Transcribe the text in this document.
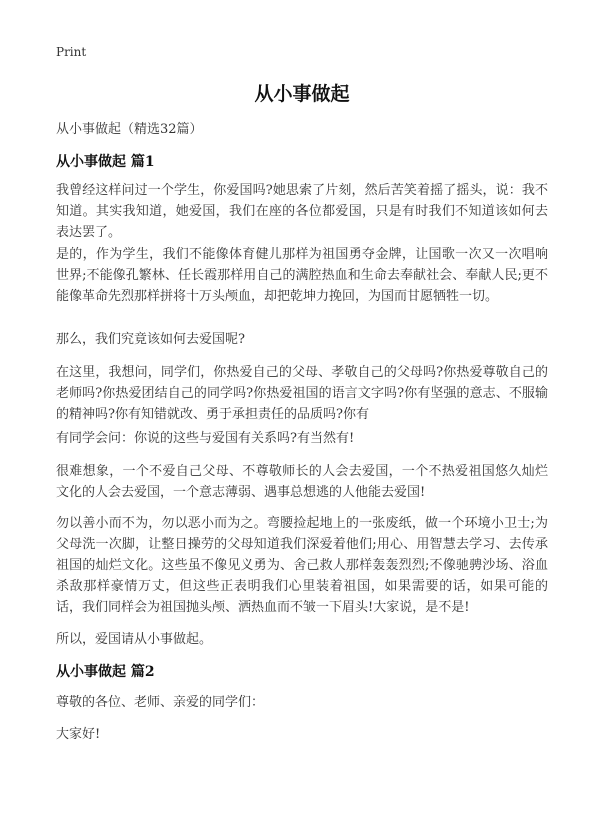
Print
从小事做起
从小事做起（精选32篇）
从小事做起 篇1

我曾经这样问过一个学生，你爱国吗?她思索了片刻，然后苦笑着摇了摇头，说：我不知道。其实我知道，她爱国，我们在座的各位都爱国，只是有时我们不知道该如何去表达罢了。

是的，作为学生，我们不能像体育健儿那样为祖国勇夺金牌，让国歌一次又一次唱响世界;不能像孔繁林、任长霞那样用自己的满腔热血和生命去奉献社会、奉献人民;更不能像革命先烈那样拼将十万头颅血，却把乾坤力挽回，为国而甘愿牺牲一切。

那么，我们究竟该如何去爱国呢?

在这里，我想问，同学们，你热爱自己的父母、孝敬自己的父母吗?你热爱尊敬自己的老师吗?你热爱团结自己的同学吗?你热爱祖国的语言文字吗?你有坚强的意志、不服输的精神吗?你有知错就改、勇于承担责任的品质吗?你有

有同学会问：你说的这些与爱国有关系吗?有当然有!

很难想象，一个不爱自己父母、不尊敬师长的人会去爱国，一个不热爱祖国悠久灿烂文化的人会去爱国，一个意志薄弱、遇事总想逃的人他能去爱国!

勿以善小而不为，勿以恶小而为之。弯腰捡起地上的一张废纸，做一个环境小卫士;为父母洗一次脚，让整日操劳的父母知道我们深爱着他们;用心、用智慧去学习、去传承祖国的灿烂文化。这些虽不像见义勇为、舍己救人那样轰轰烈烈;不像驰骋沙场、浴血杀敌那样豪情万丈，但这些正表明我们心里装着祖国，如果需要的话，如果可能的话，我们同样会为祖国抛头颅、洒热血而不皱一下眉头!大家说，是不是!

所以，爱国请从小事做起。

从小事做起 篇2

尊敬的各位、老师、亲爱的同学们：

大家好!
